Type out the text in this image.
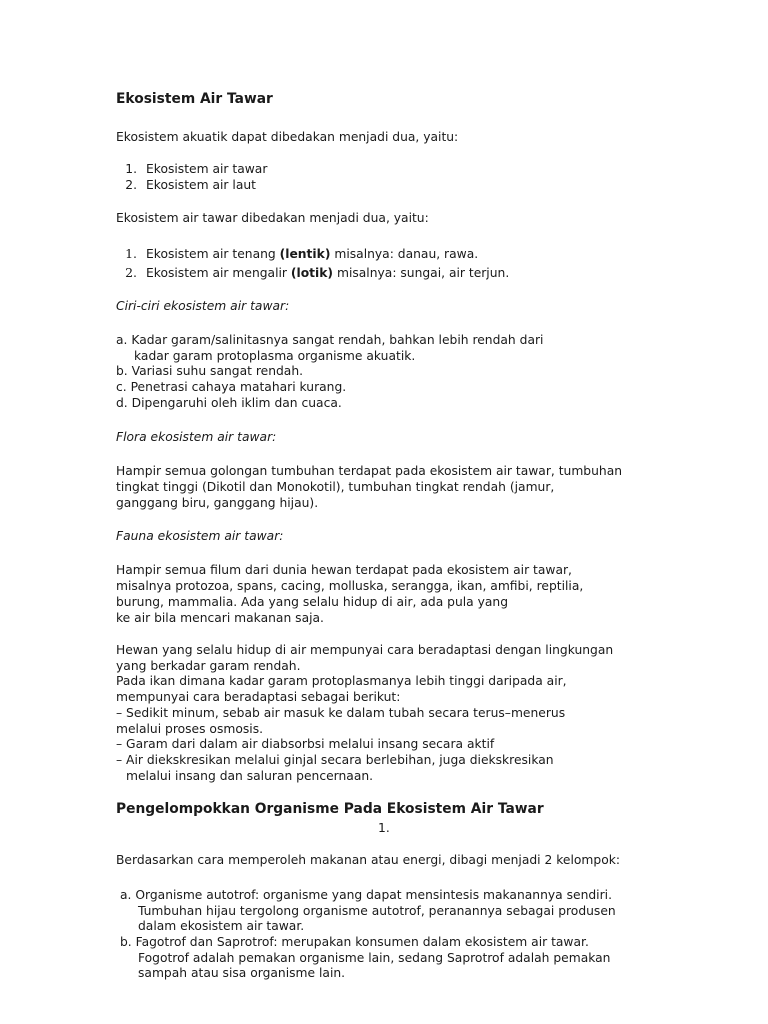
Ekosistem Air Tawar
Ekosistem akuatik dapat dibedakan menjadi dua, yaitu:
1. Ekosistem air tawar
2. Ekosistem air laut
Ekosistem air tawar dibedakan menjadi dua, yaitu:
1. Ekosistem air tenang (lentik) misalnya: danau, rawa.
2. Ekosistem air mengalir (lotik) misalnya: sungai, air terjun.
Ciri-ciri ekosistem air tawar:
a. Kadar garam/salinitasnya sangat rendah, bahkan lebih rendah dari
kadar garam protoplasma organisme akuatik.
b. Variasi suhu sangat rendah.
c. Penetrasi cahaya matahari kurang.
d. Dipengaruhi oleh iklim dan cuaca.
Flora ekosistem air tawar:
Hampir semua golongan tumbuhan terdapat pada ekosistem air tawar, tumbuhan
tingkat tinggi (Dikotil dan Monokotil), tumbuhan tingkat rendah (jamur,
ganggang biru, ganggang hijau).
Fauna ekosistem air tawar:
Hampir semua filum dari dunia hewan terdapat pada ekosistem air tawar,
misalnya protozoa, spans, cacing, molluska, serangga, ikan, amfibi, reptilia,
burung, mammalia. Ada yang selalu hidup di air, ada pula yang
ke air bila mencari makanan saja.
Hewan yang selalu hidup di air mempunyai cara beradaptasi dengan lingkungan
yang berkadar garam rendah.
Pada ikan dimana kadar garam protoplasmanya lebih tinggi daripada air,
mempunyai cara beradaptasi sebagai berikut:
– Sedikit minum, sebab air masuk ke dalam tubah secara terus–menerus
melalui proses osmosis.
– Garam dari dalam air diabsorbsi melalui insang secara aktif
– Air diekskresikan melalui ginjal secara berlebihan, juga diekskresikan
melalui insang dan saluran pencernaan.
Pengelompokkan Organisme Pada Ekosistem Air Tawar
1.
Berdasarkan cara memperoleh makanan atau energi, dibagi menjadi 2 kelompok:
a. Organisme autotrof: organisme yang dapat mensintesis makanannya sendiri.
Tumbuhan hijau tergolong organisme autotrof, peranannya sebagai produsen
dalam ekosistem air tawar.
b. Fagotrof dan Saprotrof: merupakan konsumen dalam ekosistem air tawar.
Fogotrof adalah pemakan organisme lain, sedang Saprotrof adalah pemakan
sampah atau sisa organisme lain.
